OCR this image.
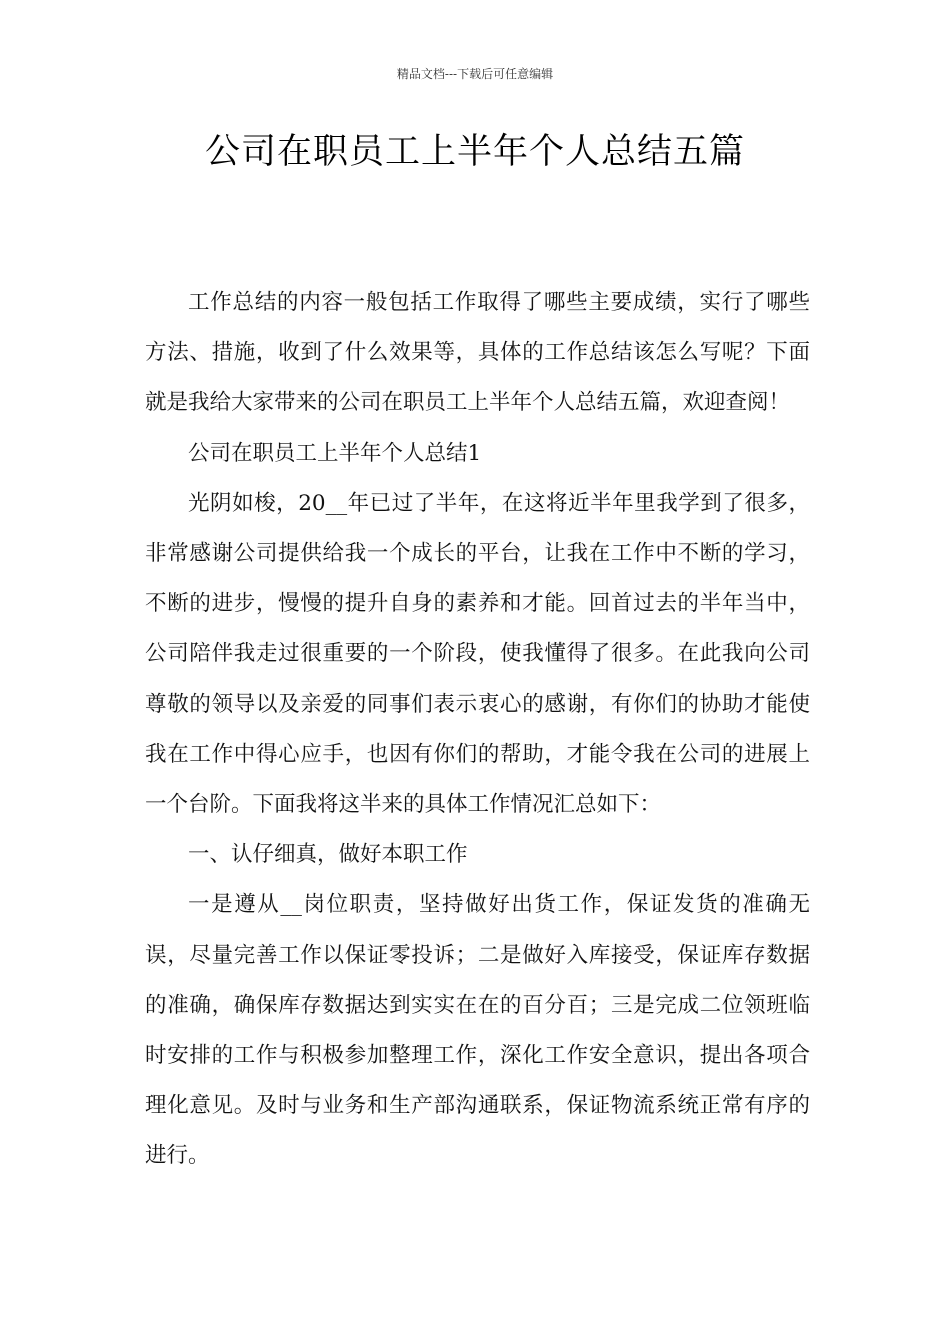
精品文档---下载后可任意编辑
公司在职员工上半年个人总结五篇

工作总结的内容一般包括工作取得了哪些主要成绩，实行了哪些方法、措施，收到了什么效果等，具体的工作总结该怎么写呢？下面就是我给大家带来的公司在职员工上半年个人总结五篇，欢迎查阅！

公司在职员工上半年个人总结1

光阴如梭，20__年已过了半年，在这将近半年里我学到了很多，非常感谢公司提供给我一个成长的平台，让我在工作中不断的学习，不断的进步，慢慢的提升自身的素养和才能。回首过去的半年当中，公司陪伴我走过很重要的一个阶段，使我懂得了很多。在此我向公司尊敬的领导以及亲爱的同事们表示衷心的感谢，有你们的协助才能使我在工作中得心应手，也因有你们的帮助，才能令我在公司的进展上一个台阶。下面我将这半来的具体工作情况汇总如下：

一、认仔细真，做好本职工作

一是遵从__岗位职责，坚持做好出货工作，保证发货的准确无误，尽量完善工作以保证零投诉；二是做好入库接受，保证库存数据的准确，确保库存数据达到实实在在的百分百；三是完成二位领班临时安排的工作与积极参加整理工作，深化工作安全意识，提出各项合理化意见。及时与业务和生产部沟通联系，保证物流系统正常有序的进行。
